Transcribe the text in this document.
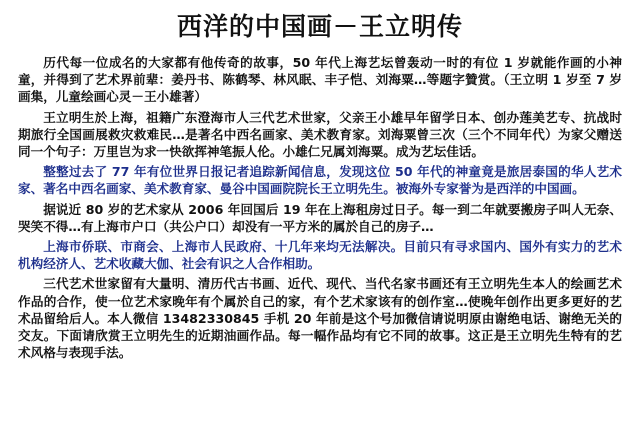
西洋的中国画－王立明传

历代每一位成名的大家都有他传奇的故事，50 年代上海艺坛曾轰动一时的有位 1 岁就能作画的小神童，并得到了艺术界前辈：姜丹书、陈鹤琴、林风眠、丰子恺、刘海粟…等题字贊赏。（王立明 1 岁至 7 岁画集，儿童绘画心灵－王小雄著）

王立明生於上海，祖籍广东澄海市人三代艺术世家，父亲王小雄早年留学日本、创办莲美艺专、抗战时期旅行全国画展救灾救难民…是著名中西名画家、美术教育家。刘海粟曾三次（三个不同年代）为家父赠送同一个句子：万里岂为求一快欲挥神笔振人伦。小雄仁兄属刘海粟。成为艺坛佳话。

整整过去了 77 年有位世界日报记者追踪新闻信息，发现这位 50 年代的神童竟是旅居泰国的华人艺术家、著名中西名画家、美术教育家、曼谷中国画院院长王立明先生。被海外专家誉为是西洋的中国画。

据说近 80 岁的艺术家从 2006 年回国后 19 年在上海租房过日子。每一到二年就要搬房子叫人无奈、哭笑不得…有上海市户口（共公户口）却没有一平方米的属於自己的房子…

上海市侨联、市商会、上海市人民政府、十几年来均无法解决。目前只有寻求国内、国外有实力的艺术机构经济人、艺术收藏大伽、社会有识之人合作相助。

三代艺术世家留有大量明、清历代古书画、近代、现代、当代名家书画还有王立明先生本人的绘画艺术作品的合作，使一位艺术家晚年有个属於自己的家，有个艺术家该有的创作室…使晚年创作出更多更好的艺术品留给后人。本人微信 13482330845 手机 20 年前是这个号加微信请说明原由谢绝电话、谢绝无关的交友。下面请欣赏王立明先生的近期油画作品。每一幅作品均有它不同的故事。这正是王立明先生特有的艺术风格与表现手法。
